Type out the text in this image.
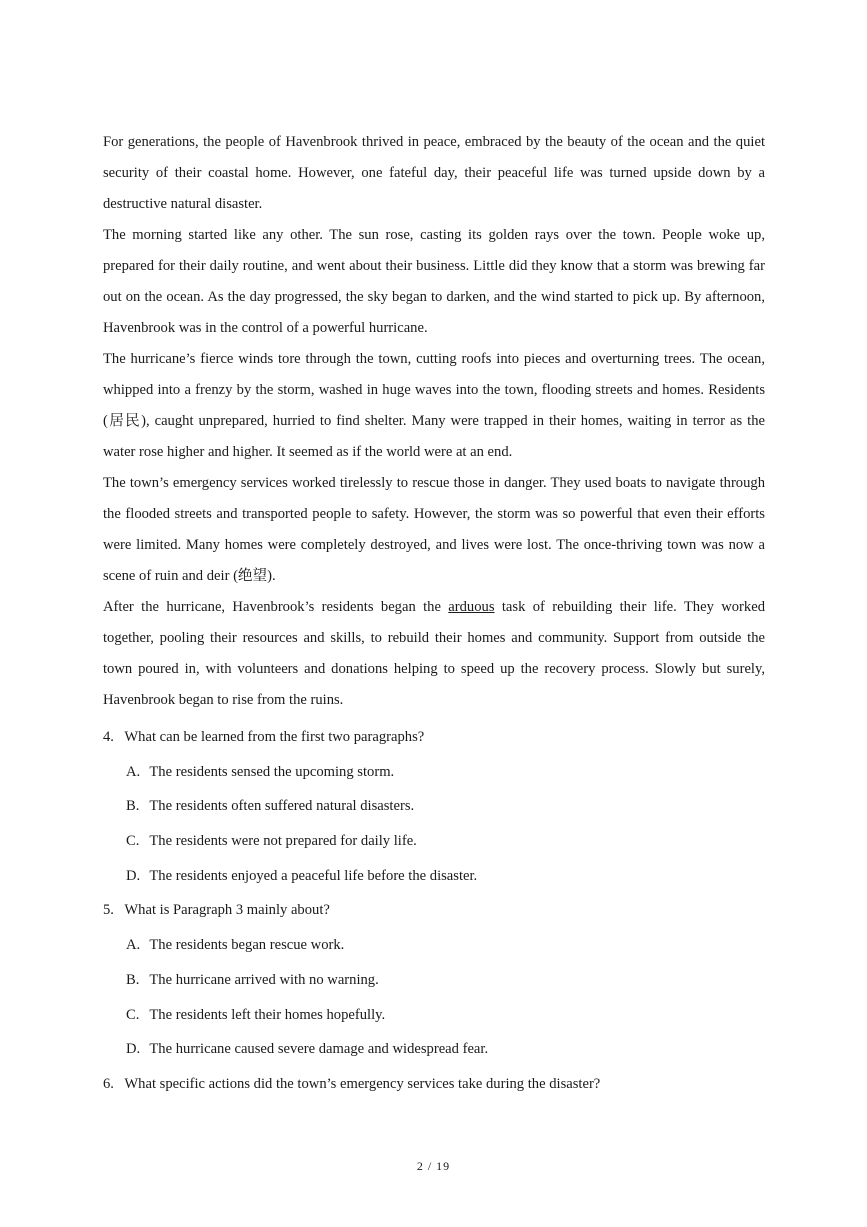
For generations, the people of Havenbrook thrived in peace, embraced by the beauty of the ocean and the quiet security of their coastal home. However, one fateful day, their peaceful life was turned upside down by a destructive natural disaster.

The morning started like any other. The sun rose, casting its golden rays over the town. People woke up, prepared for their daily routine, and went about their business. Little did they know that a storm was brewing far out on the ocean. As the day progressed, the sky began to darken, and the wind started to pick up. By afternoon, Havenbrook was in the control of a powerful hurricane.

The hurricane’s fierce winds tore through the town, cutting roofs into pieces and overturning trees. The ocean, whipped into a frenzy by the storm, washed in huge waves into the town, flooding streets and homes. Residents (居民), caught unprepared, hurried to find shelter. Many were trapped in their homes, waiting in terror as the water rose higher and higher. It seemed as if the world were at an end.

The town’s emergency services worked tirelessly to rescue those in danger. They used boats to navigate through the flooded streets and transported people to safety. However, the storm was so powerful that even their efforts were limited. Many homes were completely destroyed, and lives were lost. The once-thriving town was now a scene of ruin and deir (绝望).

After the hurricane, Havenbrook’s residents began the arduous task of rebuilding their life. They worked together, pooling their resources and skills, to rebuild their homes and community. Support from outside the town poured in, with volunteers and donations helping to speed up the recovery process. Slowly but surely, Havenbrook began to rise from the ruins.

4. What can be learned from the first two paragraphs?

A. The residents sensed the upcoming storm.

B. The residents often suffered natural disasters.

C. The residents were not prepared for daily life.

D. The residents enjoyed a peaceful life before the disaster.

5. What is Paragraph 3 mainly about?

A. The residents began rescue work.

B. The hurricane arrived with no warning.

C. The residents left their homes hopefully.

D. The hurricane caused severe damage and widespread fear.

6. What specific actions did the town’s emergency services take during the disaster?

2 / 19
